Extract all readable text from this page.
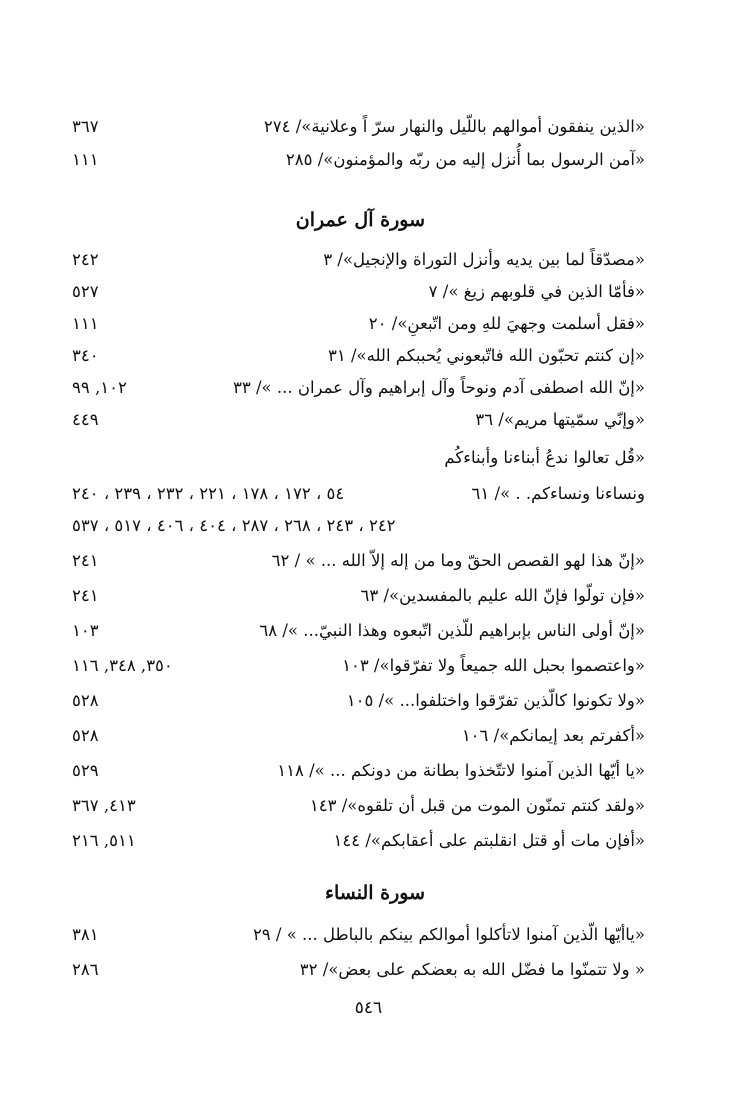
«الذين ينفقون أموالهم باللّيل والنهار سرّ اً وعلانية»/ ٢٧٤
٣٦٧
«آمن الرسول بما أُنزل إليه من ربّه والمؤمنون»/ ٢٨٥
١١١
سورة آل عمران
«مصدّقاً لما بين يديه وأنزل التوراة والإنجيل»/ ٣
٢٤٢
«فأمّا الذين في قلوبهم زيغ »/ ٧
٥٢٧
«فقل أسلمت وجهيَ للهِ ومن اتّبعنِ»/ ٢٠
١١١
«إن كنتم تحبّون الله فاتّبعوني يُحببكم الله»/ ٣١
٣٤٠
«إنّ الله اصطفى آدم ونوحاً وآل إبراهيم وآل عمران ... »/ ٣٣
١٠٢, ٩٩
«وإنّي سمّيتها مريم»/ ٣٦
٤٤٩
«قُل تعالوا ندعُ أبناءنا وأبناءكُم
ونساءنا ونساءكم. . »/ ٦١
٥٤ ، ١٧٢ ، ١٧٨ ، ٢٢١ ، ٢٣٢ ، ٢٣٩ ، ٢٤٠
٢٤٢ ، ٢٤٣ ، ٢٦٨ ، ٢٨٧ ، ٤٠٤ ، ٤٠٦ ، ٥١٧ ، ٥٣٧
«إنّ هذا لهو القصص الحقّ وما من إله إلاّ الله ... » / ٦٢
٢٤١
«فإن تولّوا فإنّ الله عليم بالمفسدين»/ ٦٣
٢٤١
«إنّ أولى الناس بإبراهيم للّذين اتّبعوه وهذا النبيّ... »/ ٦٨
١٠٣
«واعتصموا بحبل الله جميعاً ولا تفرّقوا»/ ١٠٣
٣٥٠, ٣٤٨, ١١٦
«ولا تكونوا كالّذين تفرّقوا واختلفوا... »/ ١٠٥
٥٢٨
«أكفرتم بعد إيمانكم»/ ١٠٦
٥٢٨
«يا أيّها الذين آمنوا لاتتّخذوا بطانة من دونكم ... »/ ١١٨
٥٢٩
«ولقد كنتم تمنّون الموت من قبل أن تلقوه»/ ١٤٣
٤١٣, ٣٦٧
«أفإن مات أو قتل انقلبتم على أعقابكم»/ ١٤٤
٥١١, ٢١٦
سورة النساء
«ياأيّها الّذين آمنوا لاتأكلوا أموالكم بينكم بالباطل ... » / ٢٩
٣٨١
« ولا تتمنّوا ما فضّل الله به بعضكم على بعض»/ ٣٢
٢٨٦
٥٤٦
